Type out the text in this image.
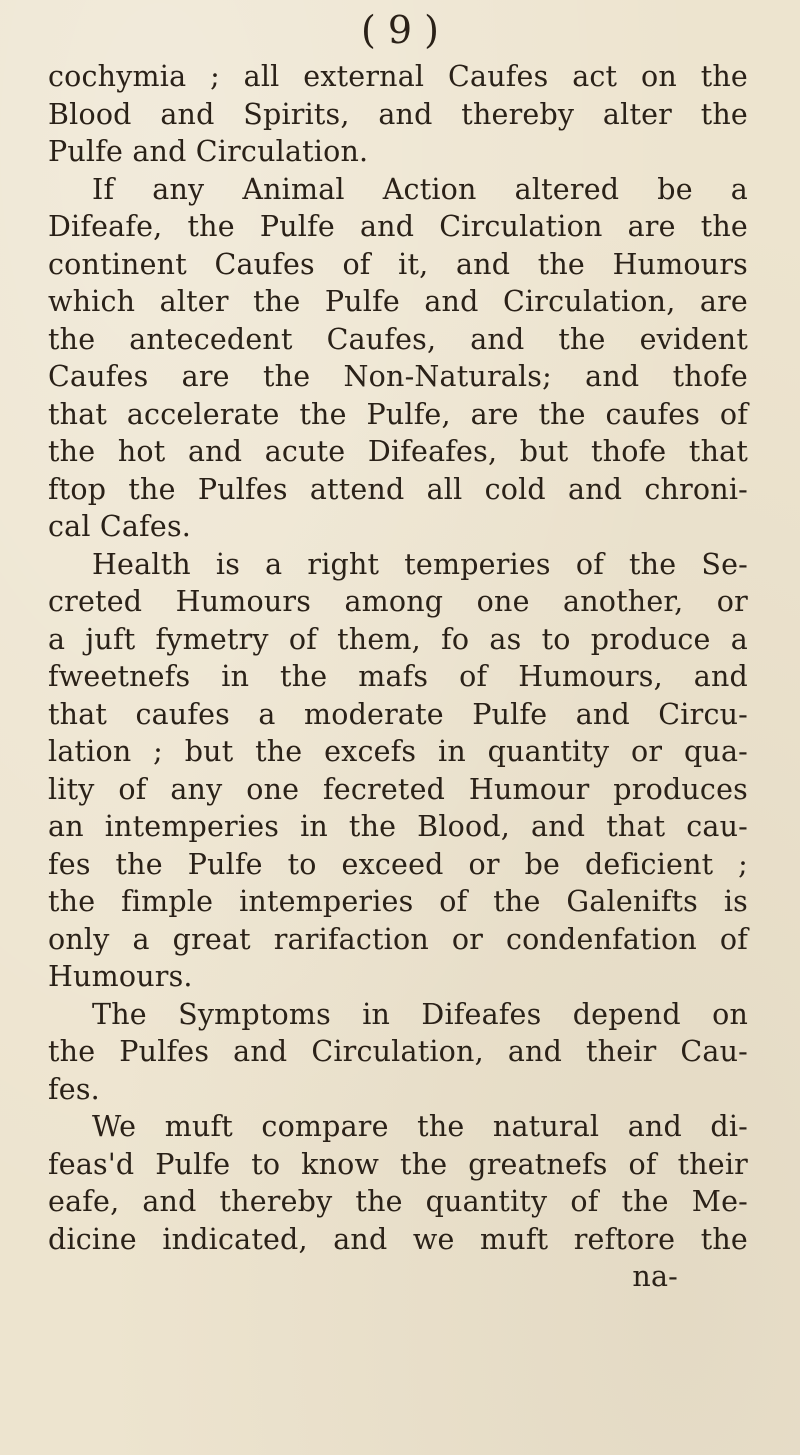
( 9 )
cochymia ; all external Caufes act on the
Blood and Spirits, and thereby alter the
Pulfe and Circulation.
If any Animal Action altered be a
Difeafe, the Pulfe and Circulation are the
continent Caufes of it, and the Humours
which alter the Pulfe and Circulation, are
the antecedent Caufes, and the evident
Caufes are the Non-Naturals; and thofe
that accelerate the Pulfe, are the caufes of
the hot and acute Difeafes, but thofe that
ftop the Pulfes attend all cold and chroni-
cal Cafes.
Health is a right temperies of the Se-
creted Humours among one another, or
a juft fymetry of them, fo as to produce a
fweetnefs in the mafs of Humours, and
that caufes a moderate Pulfe and Circu-
lation ; but the excefs in quantity or qua-
lity of any one fecreted Humour produces
an intemperies in the Blood, and that cau-
fes the Pulfe to exceed or be deficient ;
the fimple intemperies of the Galenifts is
only a great rarifaction or condenfation of
Humours.
The Symptoms in Difeafes depend on
the Pulfes and Circulation, and their Cau-
fes.
We muft compare the natural and di-
feas'd Pulfe to know the greatnefs of their
eafe, and thereby the quantity of the Me-
dicine indicated, and we muft reftore the
na-
